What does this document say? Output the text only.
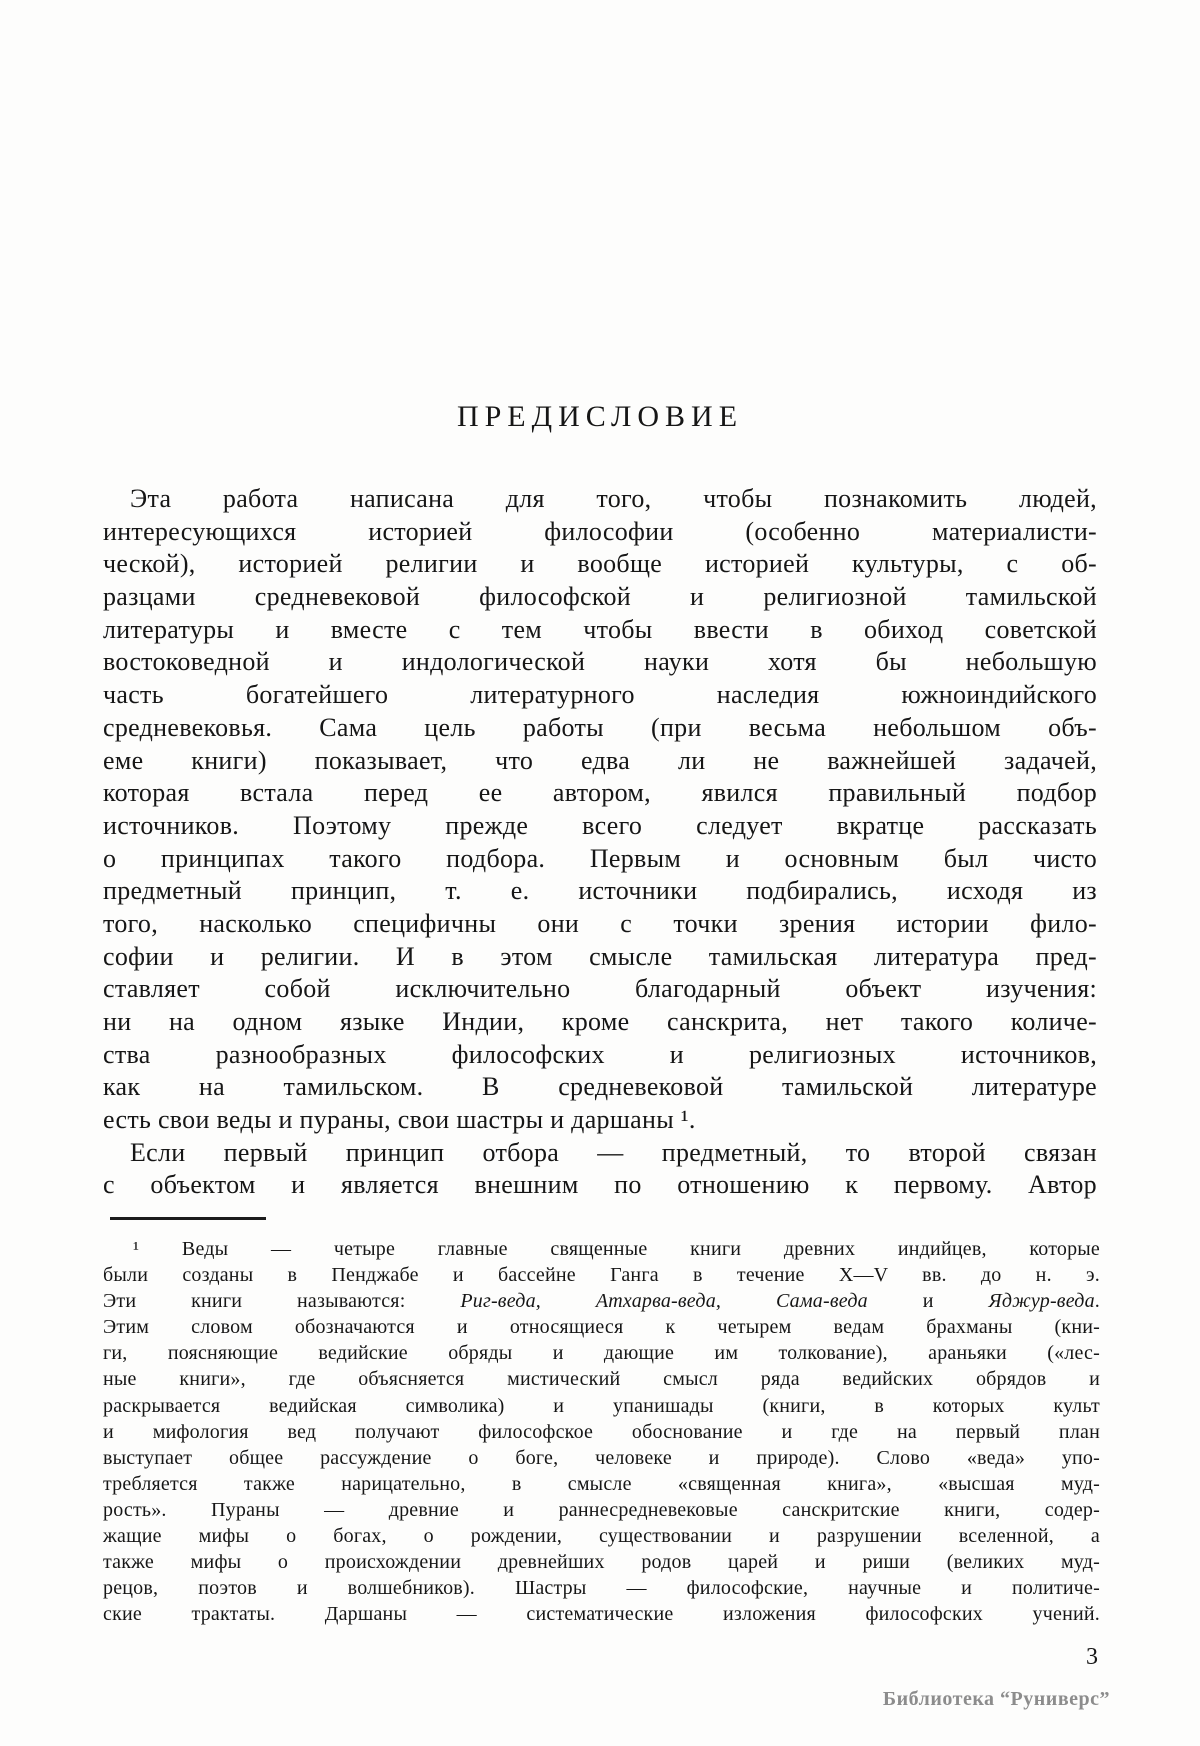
ПРЕДИСЛОВИЕ
Эта работа написана для того, чтобы познакомить людей,
интересующихся историей философии (особенно материалисти-
ческой), историей религии и вообще историей культуры, с об-
разцами средневековой философской и религиозной тамильской
литературы и вместе с тем чтобы ввести в обиход советской
востоковедной и индологической науки хотя бы небольшую
часть богатейшего литературного наследия южноиндийского
средневековья. Сама цель работы (при весьма небольшом объ-
еме книги) показывает, что едва ли не важнейшей задачей,
которая встала перед ее автором, явился правильный подбор
источников. Поэтому прежде всего следует вкратце рассказать
о принципах такого подбора. Первым и основным был чисто
предметный принцип, т. е. источники подбирались, исходя из
того, насколько специфичны они с точки зрения истории фило-
софии и религии. И в этом смысле тамильская литература пред-
ставляет собой исключительно благодарный объект изучения:
ни на одном языке Индии, кроме санскрита, нет такого количе-
ства разнообразных философских и религиозных источников,
как на тамильском. В средневековой тамильской литературе
есть свои веды и пураны, свои шастры и даршаны ¹.
Если первый принцип отбора — предметный, то второй связан
с объектом и является внешним по отношению к первому. Автор
¹ Веды — четыре главные священные книги древних индийцев, которые
были созданы в Пенджабе и бассейне Ганга в течение X—V вв. до н. э.
Эти книги называются: Риг-веда, Атхарва-веда, Сама-веда и Яджур-веда.
Этим словом обозначаются и относящиеся к четырем ведам брахманы (кни-
ги, поясняющие ведийские обряды и дающие им толкование), араньяки («лес-
ные книги», где объясняется мистический смысл ряда ведийских обрядов и
раскрывается ведийская символика) и упанишады (книги, в которых культ
и мифология вед получают философское обоснование и где на первый план
выступает общее рассуждение о боге, человеке и природе). Слово «веда» упо-
требляется также нарицательно, в смысле «священная книга», «высшая муд-
рость». Пураны — древние и раннесредневековые санскритские книги, содер-
жащие мифы о богах, о рождении, существовании и разрушении вселенной, а
также мифы о происхождении древнейших родов царей и риши (великих муд-
рецов, поэтов и волшебников). Шастры — философские, научные и политиче-
ские трактаты. Даршаны — систематические изложения философских учений.
3
Библиотека “Руниверс”
